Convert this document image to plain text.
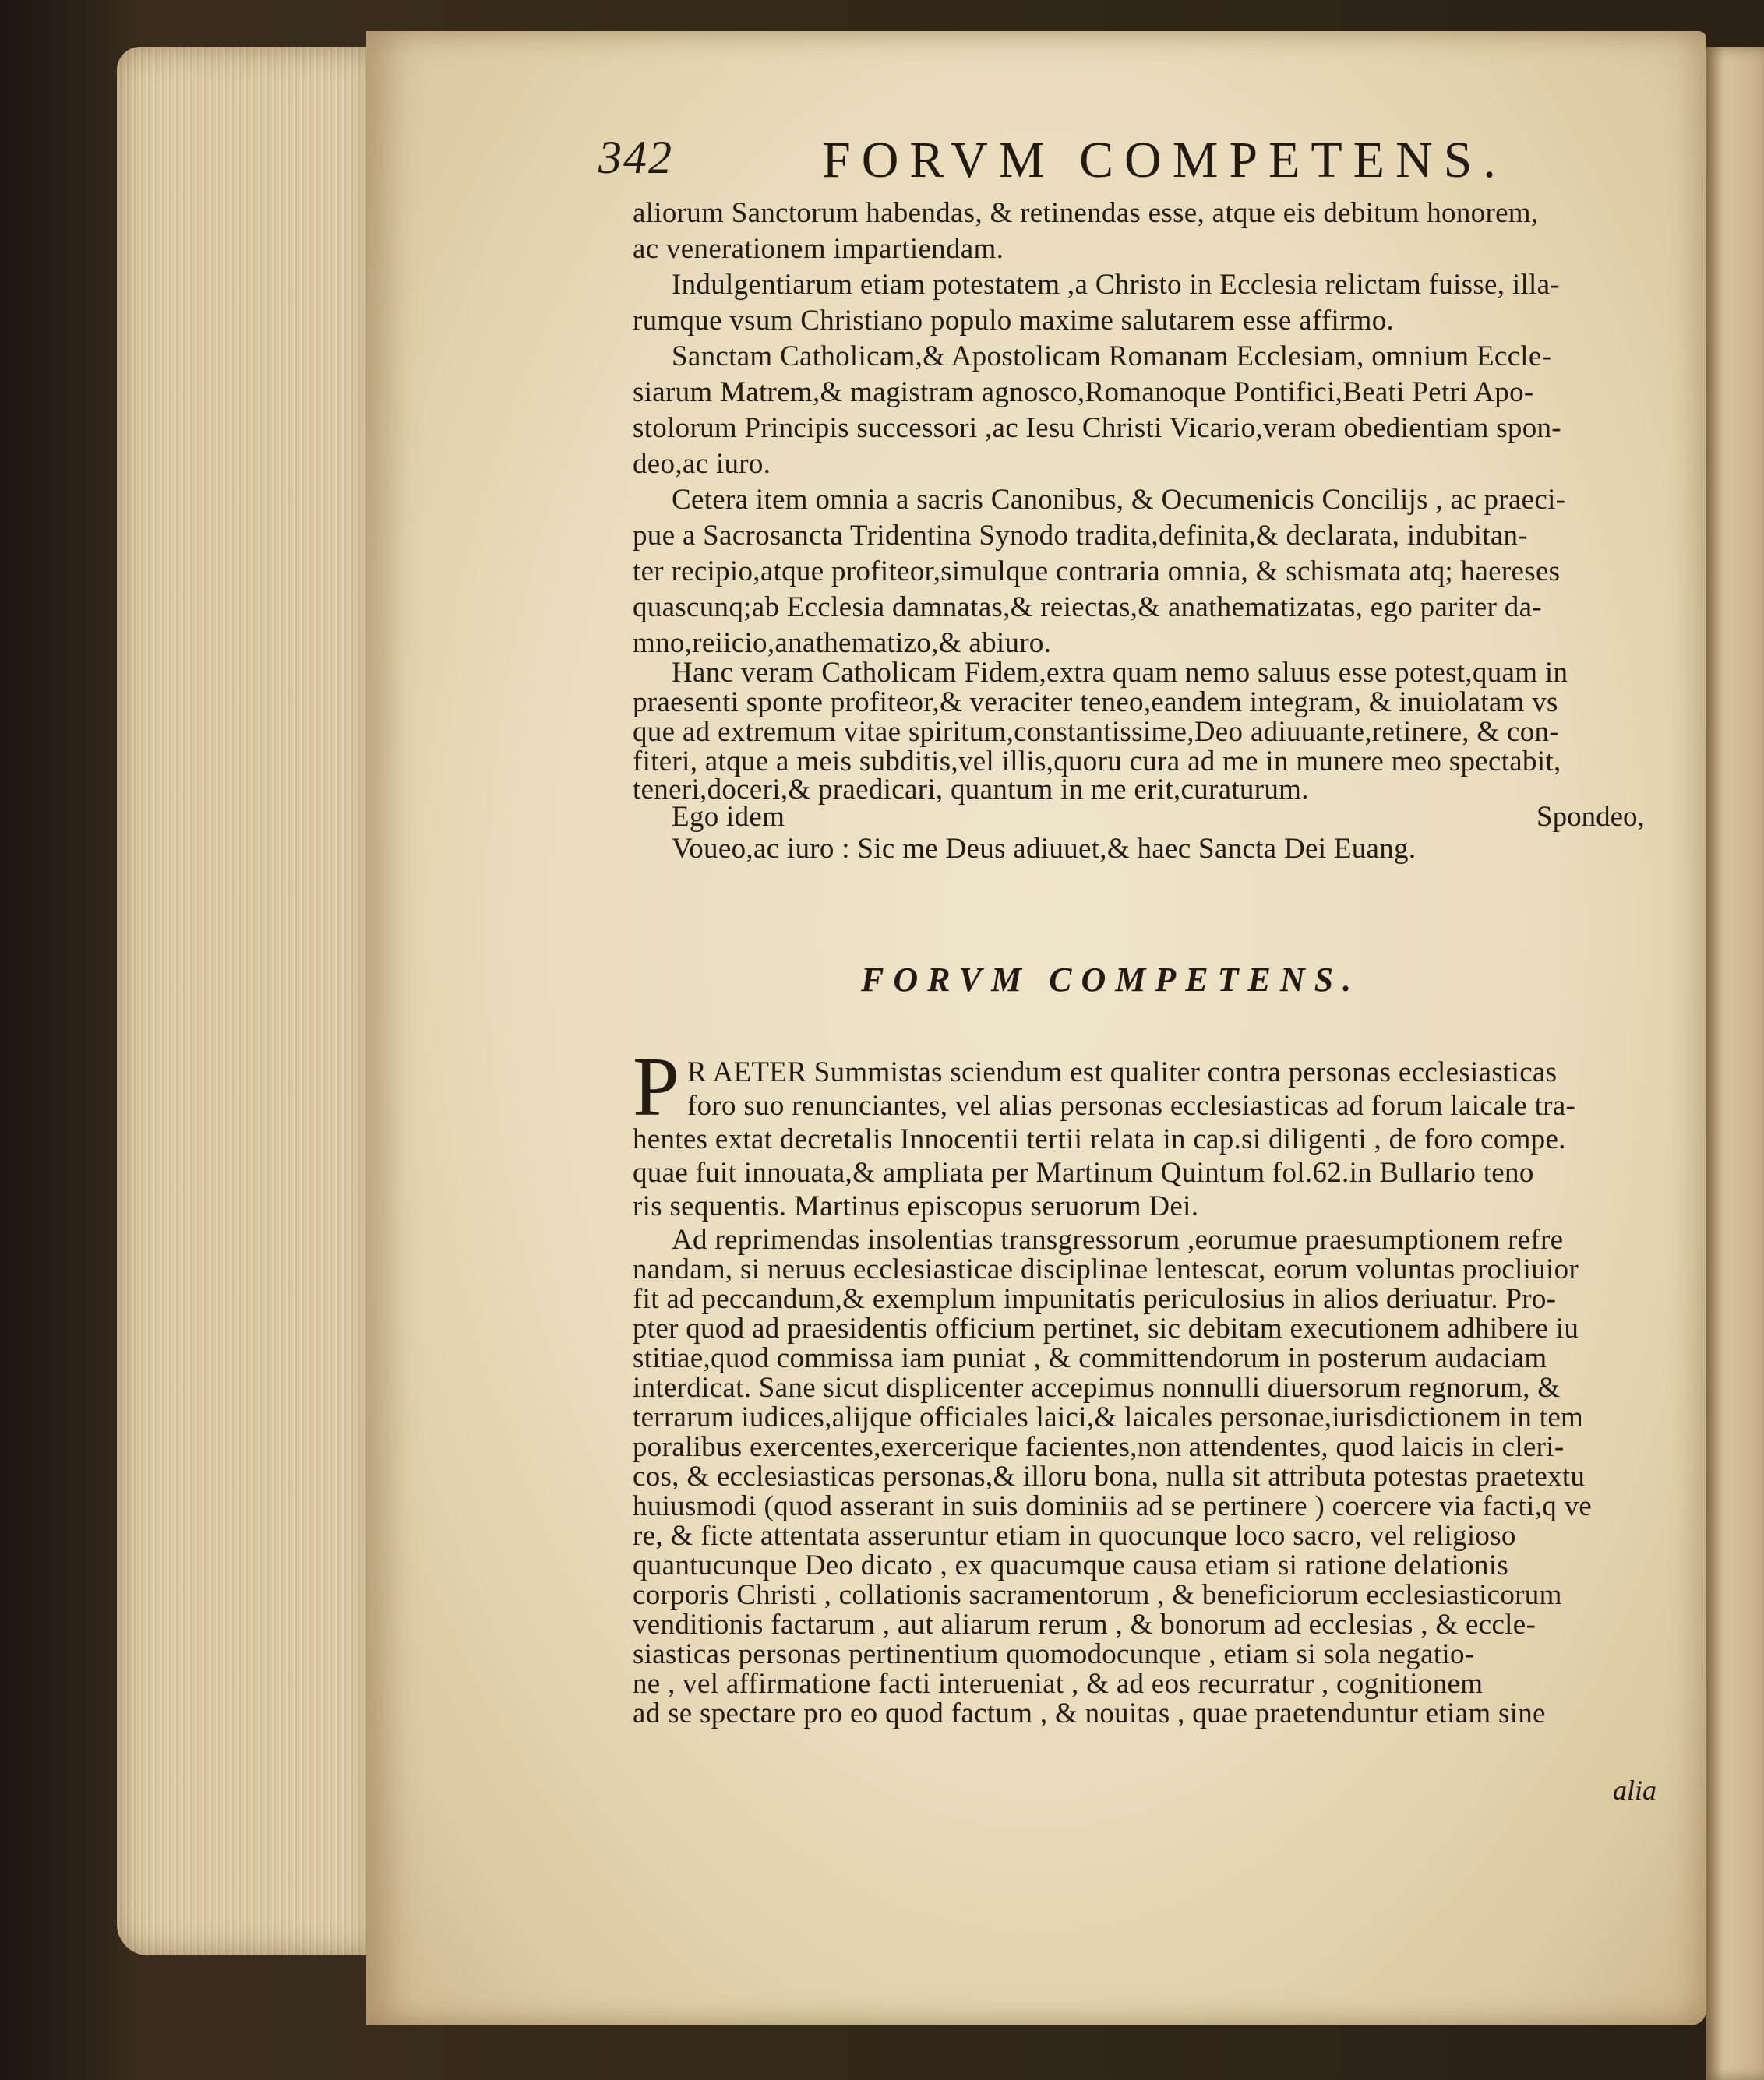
342	FORVM COMPETENS.
aliorum Sanctorum habendas, & retinendas esse, atque eis debitum honorem,
ac venerationem impartiendam.
Indulgentiarum etiam potestatem ,a Christo in Ecclesia relictam fuisse, illa-
rumque vsum Christiano populo maxime salutarem esse affirmo.
Sanctam Catholicam,& Apostolicam Romanam Ecclesiam, omnium Eccle-
siarum Matrem,& magistram agnosco,Romanoque Pontifici,Beati Petri Apo-
stolorum Principis successori ,ac Iesu Christi Vicario,veram obedientiam spon-
deo,ac iuro.
Cetera item omnia a sacris Canonibus, & Oecumenicis Concilijs , ac praeci-
pue a Sacrosancta Tridentina Synodo tradita,definita,& declarata, indubitan-
ter recipio,atque profiteor,simulque contraria omnia, & schismata atq; haereses
quascunq;ab Ecclesia damnatas,& reiectas,& anathematizatas, ego pariter da-
mno,reiicio,anathematizo,& abiuro.
Hanc veram Catholicam Fidem,extra quam nemo saluus esse potest,quam in
praesenti sponte profiteor,& veraciter teneo,eandem integram, & inuiolatam vs
que ad extremum vitae spiritum,constantissime,Deo adiuuante,retinere, & con-
fiteri, atque a meis subditis,vel illis,quoru cura ad me in munere meo spectabit,
teneri,doceri,& praedicari, quantum in me erit,curaturum.
Ego idem	Spondeo,
Voueo,ac iuro : Sic me Deus adiuuet,& haec Sancta Dei Euang.
FORVM COMPETENS.
P R AETER Summistas sciendum est qualiter contra personas ecclesiasticas
foro suo renunciantes, vel alias personas ecclesiasticas ad forum laicale tra-
hentes extat decretalis Innocentii tertii relata in cap.si diligenti , de foro compe.
quae fuit innouata,& ampliata per Martinum Quintum fol.62.in Bullario teno
ris sequentis. Martinus episcopus seruorum Dei.
Ad reprimendas insolentias transgressorum ,eorumue praesumptionem refre
nandam, si neruus ecclesiasticae disciplinae lentescat, eorum voluntas procliuior
fit ad peccandum,& exemplum impunitatis periculosius in alios deriuatur. Pro-
pter quod ad praesidentis officium pertinet, sic debitam executionem adhibere iu
stitiae,quod commissa iam puniat , & committendorum in posterum audaciam
interdicat. Sane sicut displicenter accepimus nonnulli diuersorum regnorum, &
terrarum iudices,alijque officiales laici,& laicales personae,iurisdictionem in tem
poralibus exercentes,exercerique facientes,non attendentes, quod laicis in cleri-
cos, & ecclesiasticas personas,& illoru bona, nulla sit attributa potestas praetextu
huiusmodi (quod asserant in suis dominiis ad se pertinere ) coercere via facti,q ve
re, & ficte attentata asseruntur etiam in quocunque loco sacro, vel religioso
quantucunque Deo dicato , ex quacumque causa etiam si ratione delationis
corporis Christi , collationis sacramentorum , & beneficiorum ecclesiasticorum
venditionis factarum , aut aliarum rerum , & bonorum ad ecclesias , & eccle-
siasticas personas pertinentium quomodocunque , etiam si sola negatio-
ne , vel affirmatione facti interueniat , & ad eos recurratur , cognitionem
ad se spectare pro eo quod factum , & nouitas , quae praetenduntur etiam sine
alia
